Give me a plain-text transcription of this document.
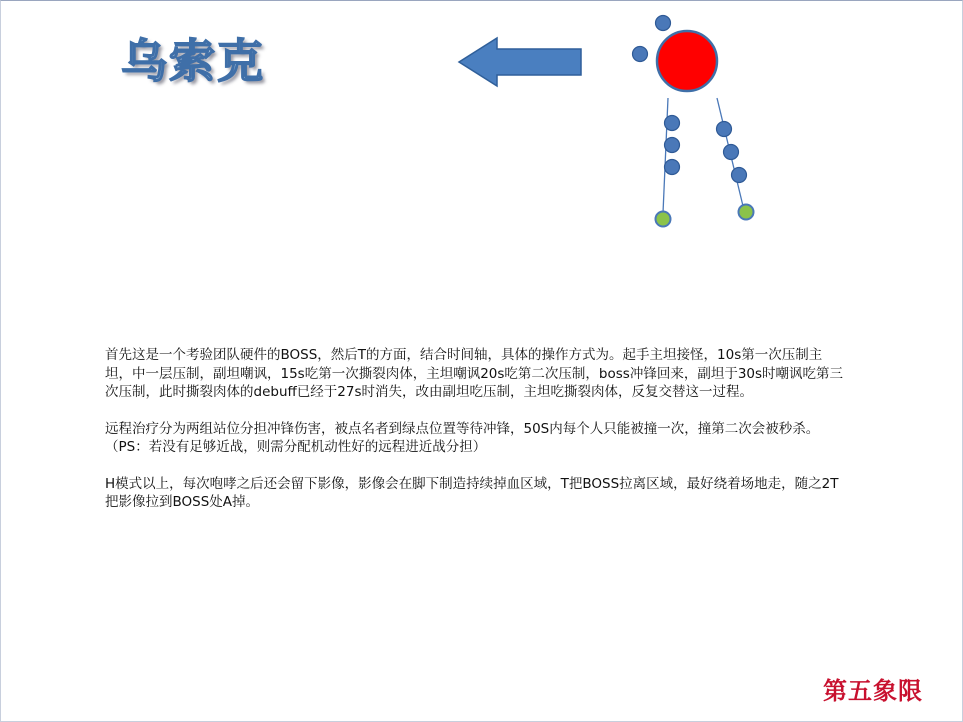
乌索克

首先这是一个考验团队硬件的BOSS，然后T的方面，结合时间轴，具体的操作方式为。起手主坦接怪，10s第一次压制主坦，中一层压制，副坦嘲讽，15s吃第一次撕裂肉体，主坦嘲讽20s吃第二次压制，boss冲锋回来，副坦于30s时嘲讽吃第三次压制，此时撕裂肉体的debuff已经于27s时消失，改由副坦吃压制，主坦吃撕裂肉体，反复交替这一过程。

远程治疗分为两组站位分担冲锋伤害，被点名者到绿点位置等待冲锋，50S内每个人只能被撞一次，撞第二次会被秒杀。（PS：若没有足够近战，则需分配机动性好的远程进近战分担）

H模式以上，每次咆哮之后还会留下影像，影像会在脚下制造持续掉血区域，T把BOSS拉离区域，最好绕着场地走，随之2T把影像拉到BOSS处A掉。

第五象限
